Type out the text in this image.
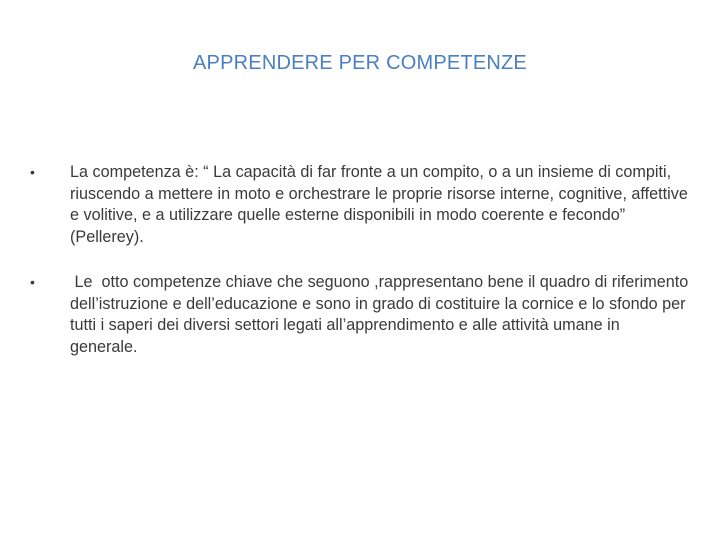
APPRENDERE PER COMPETENZE
• La competenza è: “ La capacità di far fronte a un compito, o a un insieme di compiti, riuscendo a mettere in moto e orchestrare le proprie risorse interne, cognitive, affettive e volitive, e a utilizzare quelle esterne disponibili in modo coerente e fecondo” (Pellerey).
• Le  otto competenze chiave che seguono ,rappresentano bene il quadro di riferimento dell’istruzione e dell’educazione e sono in grado di costituire la cornice e lo sfondo per tutti i saperi dei diversi settori legati all’apprendimento e alle attività umane in generale.
